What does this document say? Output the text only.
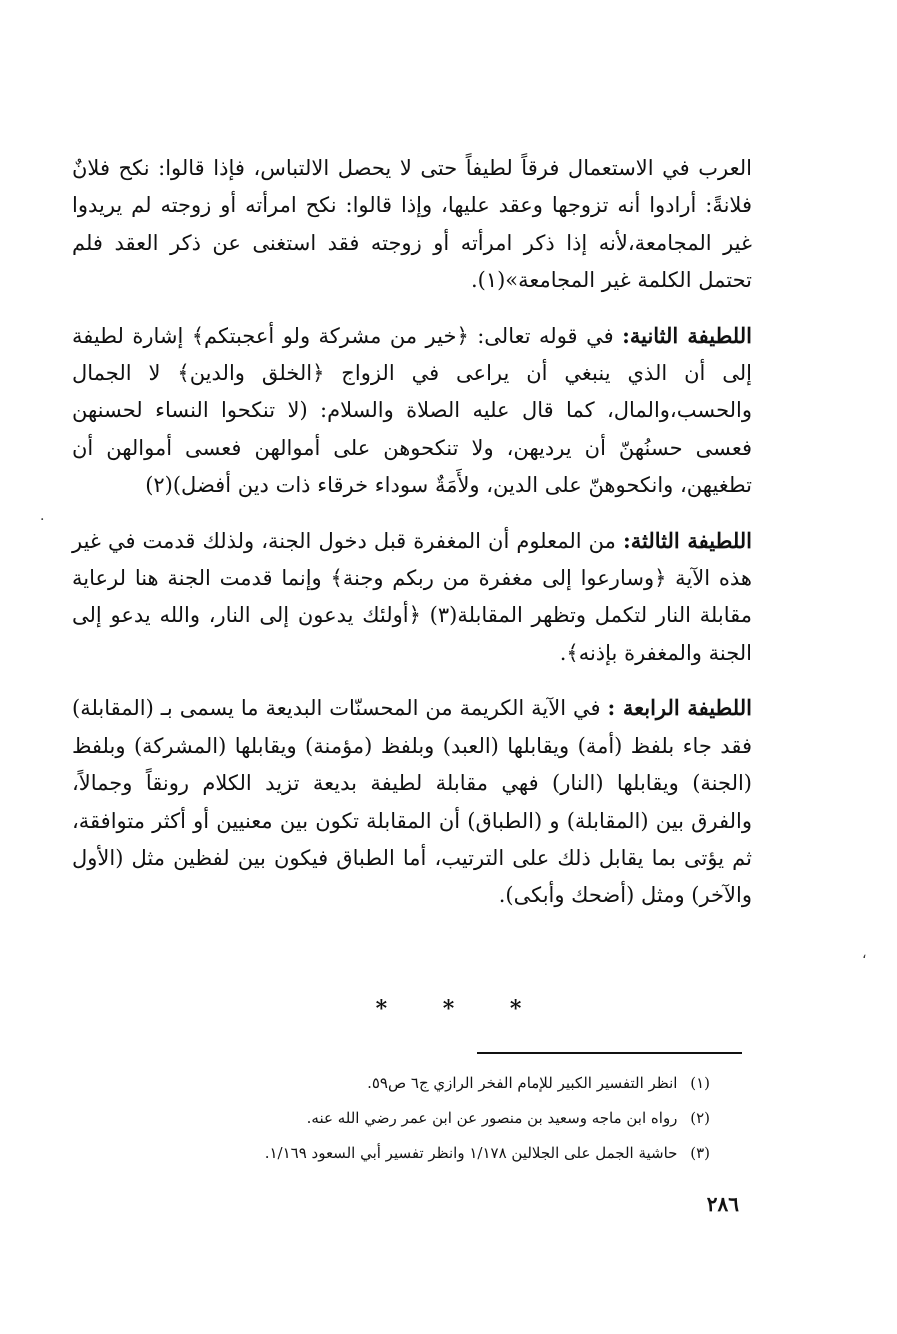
العرب في الاستعمال فرقاً لطيفاً حتى لا يحصل الالتباس، فإذا قالوا: نكح فلانٌ فلانةً: أرادوا أنه تزوجها وعقد عليها، وإذا قالوا: نكح امرأته أو زوجته لم يريدوا غير المجامعة،لأنه إذا ذكر امرأته أو زوجته فقد استغنى عن ذكر العقد فلم تحتمل الكلمة غير المجامعة»(١).

اللطيفة الثانية: في قوله تعالى: ﴿خير من مشركة ولو أعجبتكم﴾ إشارة لطيفة إلى أن الذي ينبغي أن يراعى في الزواج ﴿الخلق والدين﴾ لا الجمال والحسب،والمال، كما قال عليه الصلاة والسلام: (لا تنكحوا النساء لحسنهن فعسى حسنُهنّ أن يرديهن، ولا تنكحوهن على أموالهن فعسى أموالهن أن تطغيهن، وانكحوهنّ على الدين، ولأَمَةٌ سوداء خرقاء ذات دين أفضل)(٢)

اللطيفة الثالثة: من المعلوم أن المغفرة قبل دخول الجنة، ولذلك قدمت في غير هذه الآية ﴿وسارعوا إلى مغفرة من ربكم وجنة﴾ وإنما قدمت الجنة هنا لرعاية مقابلة النار لتكمل وتظهر المقابلة(٣) ﴿أولئك يدعون إلى النار، والله يدعو إلى الجنة والمغفرة بإذنه﴾.

اللطيفة الرابعة : في الآية الكريمة من المحسنّات البديعة ما يسمى بـ (المقابلة) فقد جاء بلفظ (أمة) ويقابلها (العبد) وبلفظ (مؤمنة) ويقابلها (المشركة) وبلفظ (الجنة) ويقابلها (النار) فهي مقابلة لطيفة بديعة تزيد الكلام رونقاً وجمالاً، والفرق بين (المقابلة) و (الطباق) أن المقابلة تكون بين معنيين أو أكثر متوافقة، ثم يؤتى بما يقابل ذلك على الترتيب، أما الطباق فيكون بين لفظين مثل (الأول والآخر) ومثل (أضحك وأبكى).

* * *
(١) انظر التفسير الكبير للإمام الفخر الرازي ج٦ ص٥٩.
(٢) رواه ابن ماجه وسعيد بن منصور عن ابن عمر رضي الله عنه.
(٣) حاشية الجمل على الجلالين ١/١٧٨ وانظر تفسير أبي السعود ١/١٦٩.
٢٨٦
،
·
